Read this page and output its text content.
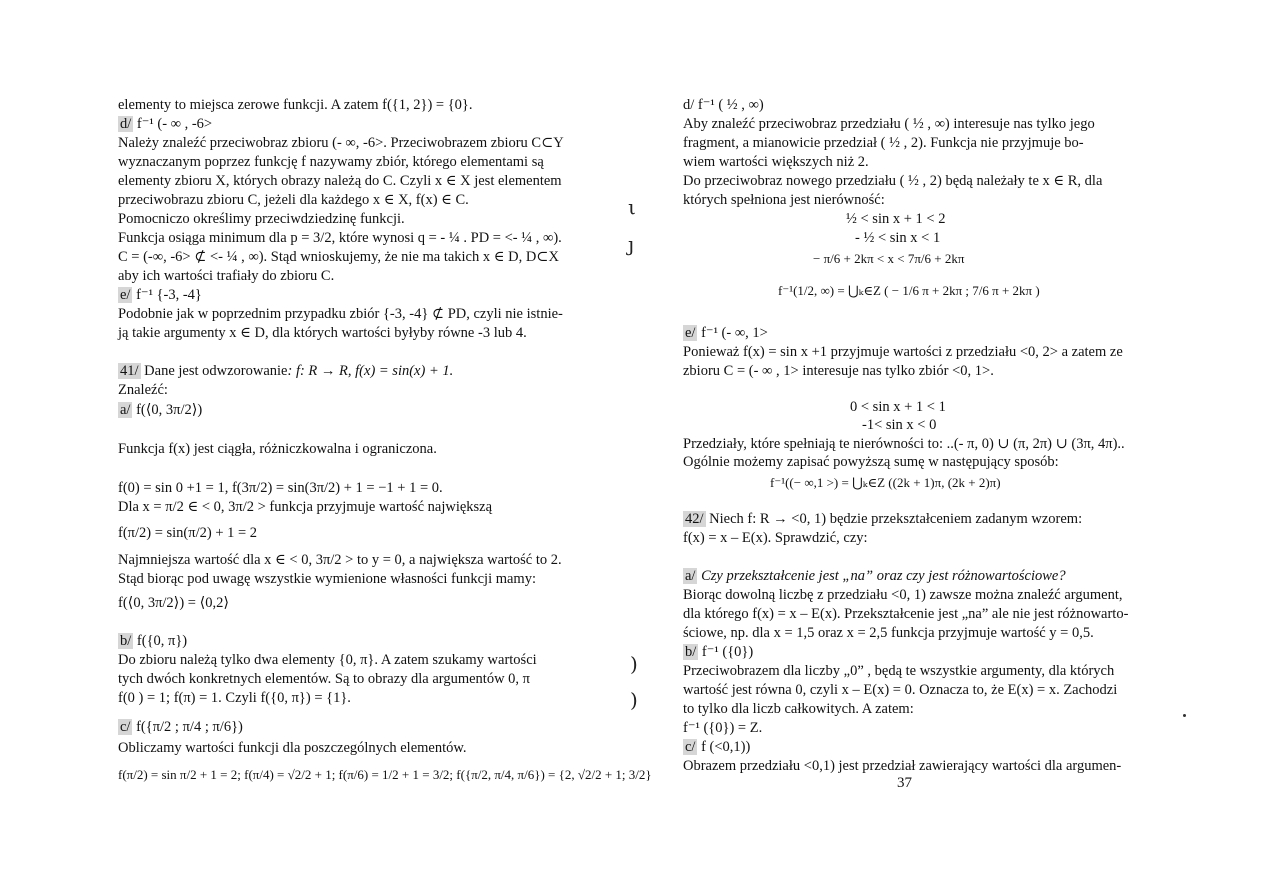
elementy to miejsca zerowe funkcji. A zatem f({1, 2}) = {0}.
d/ f⁻¹ (- ∞ , -6>
Należy znaleźć przeciwobraz zbioru (- ∞, -6>. Przeciwobrazem zbioru C⊂Y
wyznaczanym poprzez funkcję f nazywamy zbiór, którego elementami są
elementy zbioru X, których obrazy należą do C. Czyli x ∈ X jest elementem
przeciwobrazu zbioru C, jeżeli dla każdego x ∈ X, f(x) ∈ C.
Pomocniczo określimy przeciwdziedzinę funkcji.
Funkcja osiąga minimum dla p = 3/2, które wynosi q = - ¼ . PD = <- ¼ , ∞).
C = (-∞, -6> ⊄ <- ¼ , ∞). Stąd wnioskujemy, że nie ma takich x ∈ D, D⊂X
aby ich wartości trafiały do zbioru C.
e/ f⁻¹ {-3, -4}
Podobnie jak w poprzednim przypadku zbiór {-3, -4} ⊄ PD, czyli nie istnie-
ją takie argumenty x ∈ D, dla których wartości byłyby równe -3 lub 4.
41/ Dane jest odwzorowanie: f: R → R, f(x) = sin(x) + 1.
Znaleźć:
a/ f(⟨0, 3π/2⟩)
Funkcja f(x) jest ciągła, różniczkowalna i ograniczona.
f(0) = sin 0 +1 = 1, f(3π/2) = sin(3π/2) + 1 = −1 + 1 = 0.
Dla x = π/2 ∈ < 0, 3π/2 > funkcja przyjmuje wartość największą
f(π/2) = sin(π/2) + 1 = 2
Najmniejsza wartość dla x ∈ < 0, 3π/2 > to y = 0, a największa wartość to 2.
Stąd biorąc pod uwagę wszystkie wymienione własności funkcji mamy:
f(⟨0, 3π/2⟩) = ⟨0,2⟩
b/ f({0, π})
Do zbioru należą tylko dwa elementy {0, π}. A zatem szukamy wartości
tych dwóch konkretnych elementów. Są to obrazy dla argumentów 0, π
f(0 ) = 1; f(π) = 1. Czyli f({0, π}) = {1}.
c/ f({π/2 ; π/4 ; π/6})
Obliczamy wartości funkcji dla poszczególnych elementów.
f(π/2) = sin π/2 + 1 = 2; f(π/4) = √2/2 + 1; f(π/6) = 1/2 + 1 = 3/2; f({π/2, π/4, π/6}) = {2, √2/2 + 1; 3/2}
d/ f⁻¹ ( ½ , ∞)
Aby znaleźć przeciwobraz przedziału ( ½ , ∞) interesuje nas tylko jego
fragment, a mianowicie przedział ( ½ , 2). Funkcja nie przyjmuje bo-
wiem wartości większych niż 2.
Do przeciwobraz nowego przedziału ( ½ , 2) będą należały te x ∈ R, dla
których spełniona jest nierówność:
½ < sin x + 1 < 2
- ½ < sin x < 1
− π/6 + 2kπ < x < 7π/6 + 2kπ
f⁻¹(1/2, ∞) = ⋃ₖ∈Z ( − 1/6 π + 2kπ ; 7/6 π + 2kπ )
e/ f⁻¹ (- ∞, 1>
Ponieważ f(x) = sin x +1 przyjmuje wartości z przedziału <0, 2> a zatem ze
zbioru C = (- ∞ , 1> interesuje nas tylko zbiór <0, 1>.
0 < sin x + 1 < 1
-1< sin x < 0
Przedziały, które spełniają te nierówności to: ..(- π, 0) ∪ (π, 2π) ∪ (3π, 4π)..
Ogólnie możemy zapisać powyższą sumę w następujący sposób:
f⁻¹((− ∞,1 >) = ⋃ₖ∈Z ((2k + 1)π, (2k + 2)π)
42/ Niech f: R → <0, 1) będzie przekształceniem zadanym wzorem:
f(x) = x – E(x). Sprawdzić, czy:
a/ Czy przekształcenie jest „na” oraz czy jest różnowartościowe?
Biorąc dowolną liczbę z przedziału <0, 1) zawsze można znaleźć argument,
dla którego f(x) = x – E(x). Przekształcenie jest „na” ale nie jest różnowarto-
ściowe, np. dla x = 1,5 oraz x = 2,5 funkcja przyjmuje wartość y = 0,5.
b/ f⁻¹ ({0})
Przeciwobrazem dla liczby „0” , będą te wszystkie argumenty, dla których
wartość jest równa 0, czyli x – E(x) = 0. Oznacza to, że E(x) = x. Zachodzi
to tylko dla liczb całkowitych. A zatem:
f⁻¹ ({0}) = Z.
c/ f (<0,1))
Obrazem przedziału <0,1) jest przedział zawierający wartości dla argumen-
37
ι
ȷ
)
)
